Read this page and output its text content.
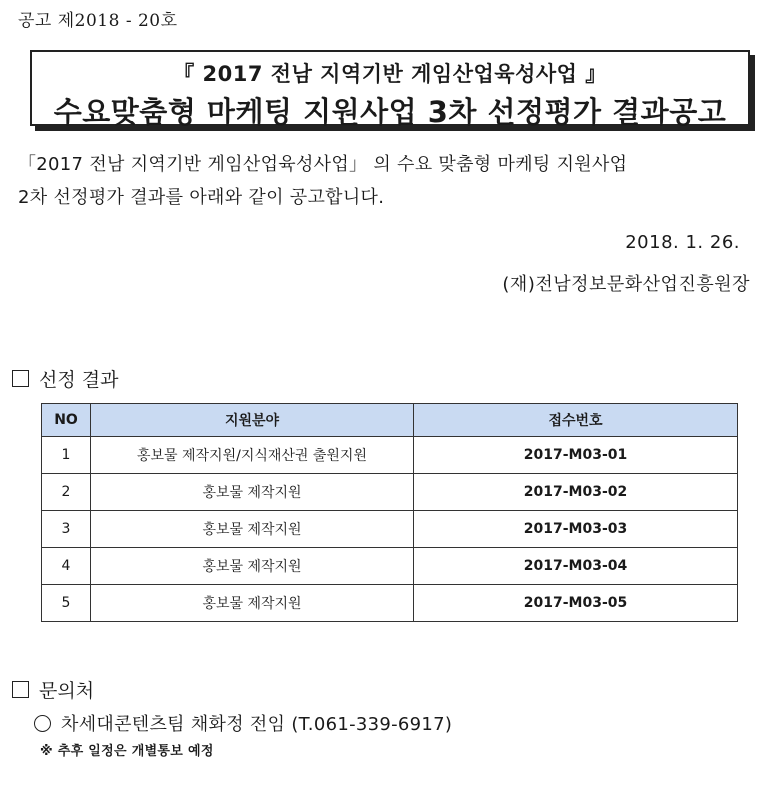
공고 제2018 - 20호
『 2017 전남 지역기반 게임산업육성사업 』
수요맞춤형 마케팅 지원사업 3차 선정평가 결과공고
「2017 전남 지역기반 게임산업육성사업」 의 수요 맞춤형 마케팅 지원사업
2차 선정평가 결과를 아래와 같이 공고합니다.
2018. 1. 26.
(재)전남정보문화산업진흥원장
선정 결과
NO	지원분야	접수번호
1	홍보물 제작지원/지식재산권 출원지원	2017-M03-01
2	홍보물 제작지원	2017-M03-02
3	홍보물 제작지원	2017-M03-03
4	홍보물 제작지원	2017-M03-04
5	홍보물 제작지원	2017-M03-05
문의처
차세대콘텐츠팀 채화정 전임 (T.061-339-6917)
※ 추후 일정은 개별통보 예정
